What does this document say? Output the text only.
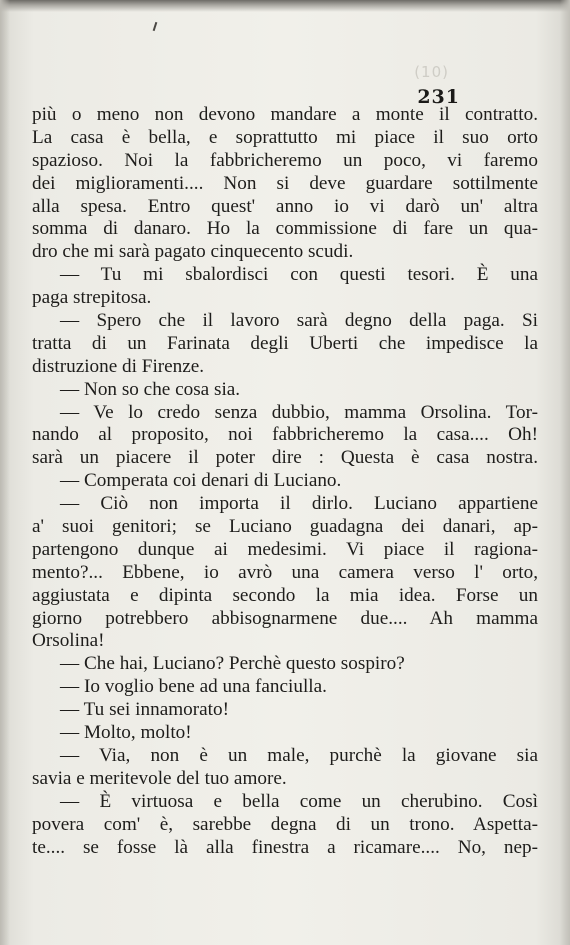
(10)
231
più o meno non devono mandare a monte il contratto.
La casa è bella, e soprattutto mi piace il suo orto
spazioso. Noi la fabbricheremo un poco, vi faremo
dei miglioramenti.... Non si deve guardare sottilmente
alla spesa. Entro quest' anno io vi darò un' altra
somma di danaro. Ho la commissione di fare un qua-
dro che mi sarà pagato cinquecento scudi.
— Tu mi sbalordisci con questi tesori. È una
paga strepitosa.
— Spero che il lavoro sarà degno della paga. Si
tratta di un Farinata degli Uberti che impedisce la
distruzione di Firenze.
— Non so che cosa sia.
— Ve lo credo senza dubbio, mamma Orsolina. Tor-
nando al proposito, noi fabbricheremo la casa.... Oh!
sarà un piacere il poter dire : Questa è casa nostra.
— Comperata coi denari di Luciano.
— Ciò non importa il dirlo. Luciano appartiene
a' suoi genitori; se Luciano guadagna dei danari, ap-
partengono dunque ai medesimi. Vi piace il ragiona-
mento?... Ebbene, io avrò una camera verso l' orto,
aggiustata e dipinta secondo la mia idea. Forse un
giorno potrebbero abbisognarmene due.... Ah mamma
Orsolina!
— Che hai, Luciano? Perchè questo sospiro?
— Io voglio bene ad una fanciulla.
— Tu sei innamorato!
— Molto, molto!
— Via, non è un male, purchè la giovane sia
savia e meritevole del tuo amore.
— È virtuosa e bella come un cherubino. Così
povera com' è, sarebbe degna di un trono. Aspetta-
te.... se fosse là alla finestra a ricamare.... No, nep-
